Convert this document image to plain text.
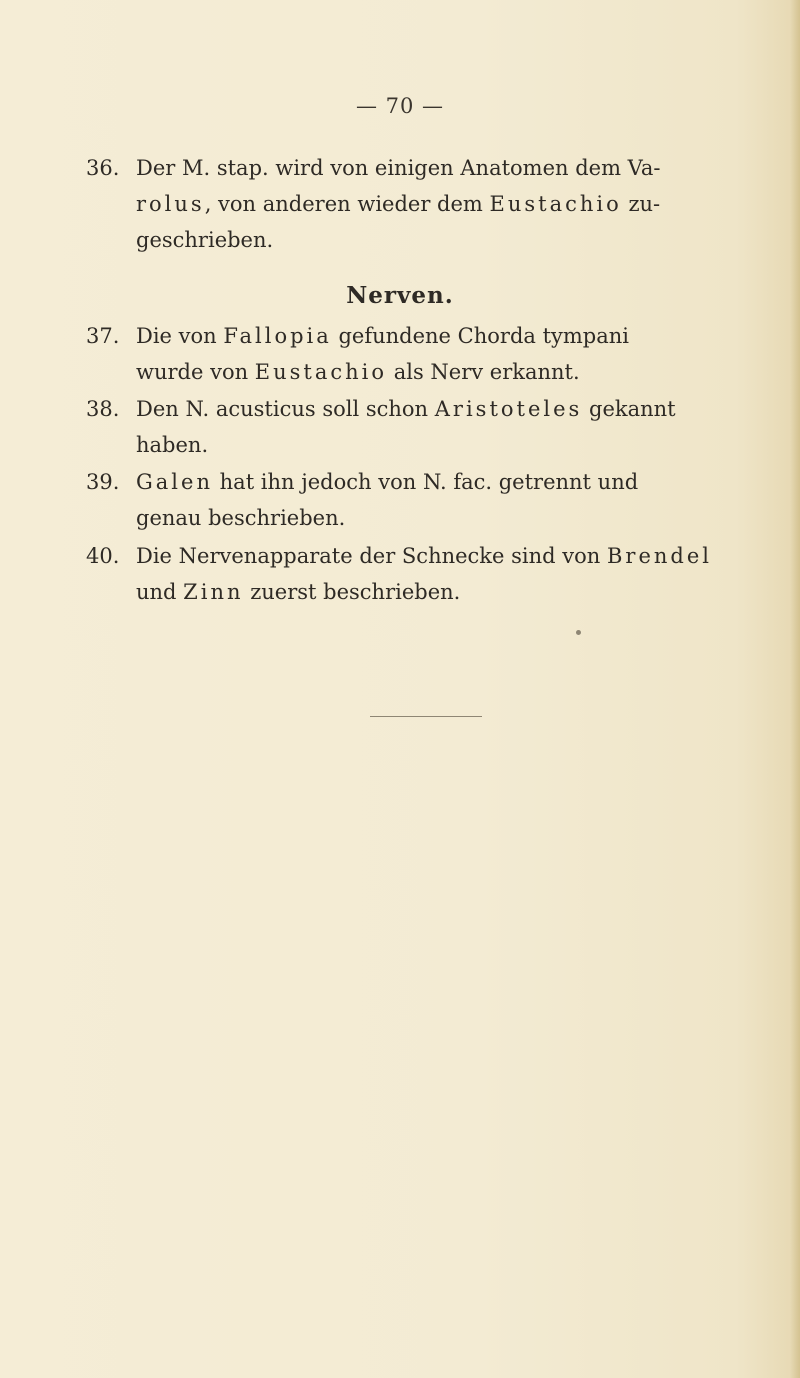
— 70 —
36. Der M. stap. wird von einigen Anatomen dem Va-
rolus, von anderen wieder dem Eustachio zu-
geschrieben.
Nerven.
37. Die von Fallopia gefundene Chorda tympani
wurde von Eustachio als Nerv erkannt.
38. Den N. acusticus soll schon Aristoteles gekannt
haben.
39. Galen hat ihn jedoch von N. fac. getrennt und
genau beschrieben.
40. Die Nervenapparate der Schnecke sind von Brendel
und Zinn zuerst beschrieben.
